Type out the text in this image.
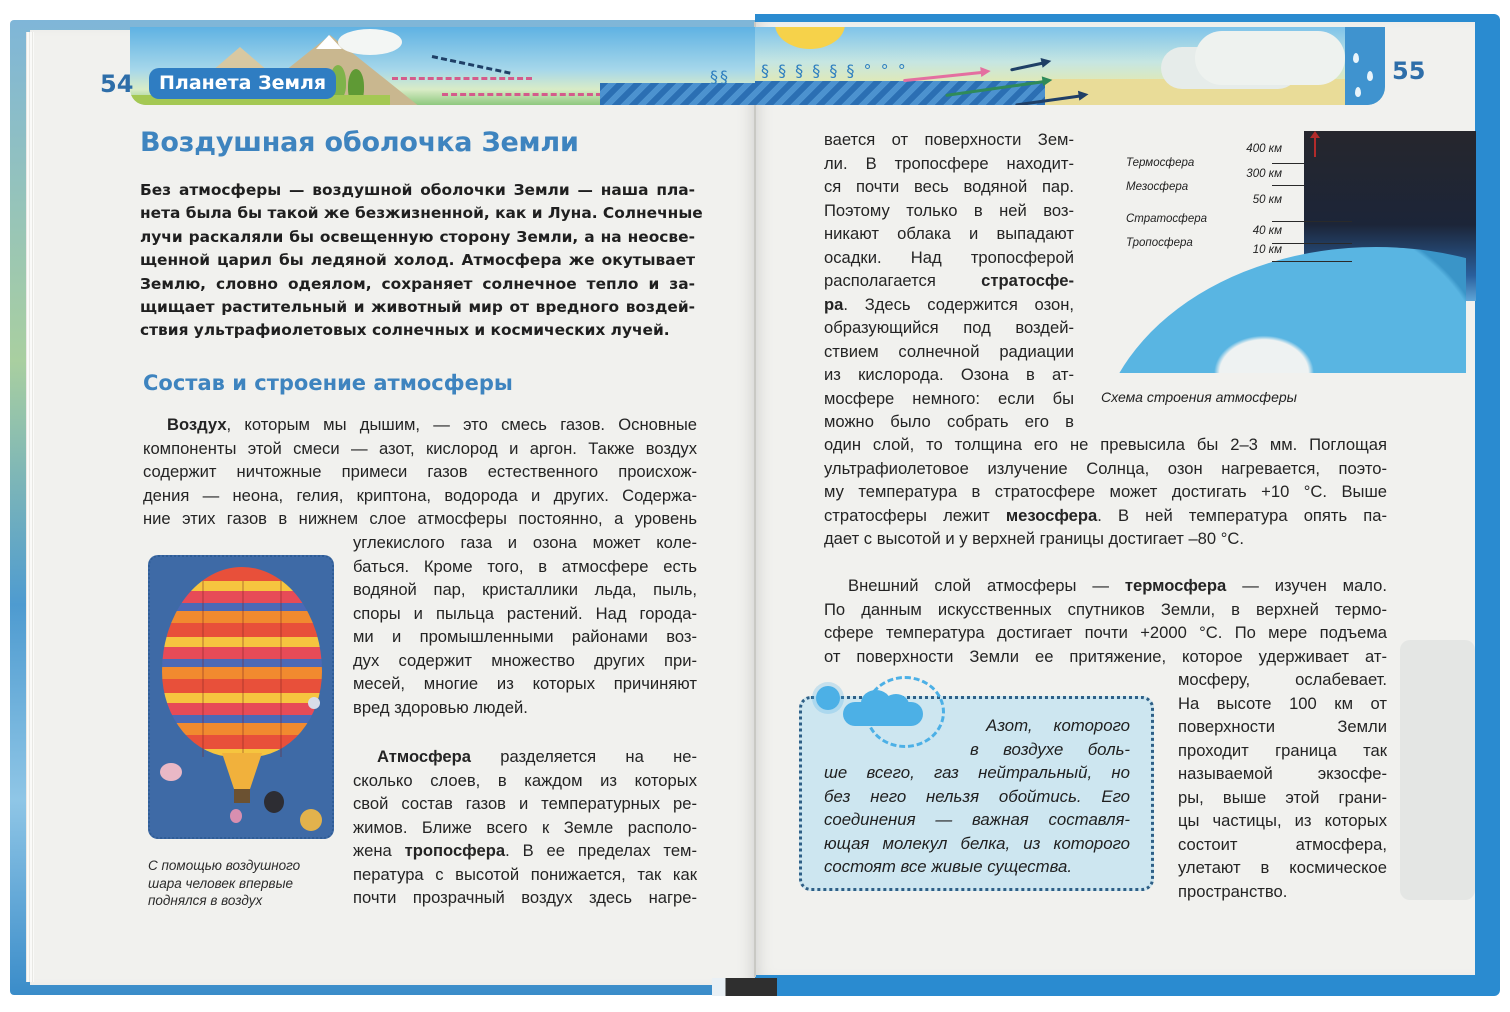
§§ § § § § § § ° ° °
54	Планета Земля	55
Воздушная оболочка Земли
Без атмосферы — воздушной оболочки Земли — наша пла-
нета была бы такой же безжизненной, как и Луна. Солнечные
лучи раскаляли бы освещенную сторону Земли, а на неосве-
щенной царил бы ледяной холод. Атмосфера же окутывает
Землю, словно одеялом, сохраняет солнечное тепло и за-
щищает растительный и животный мир от вредного воздей-
ствия ультрафиолетовых солнечных и космических лучей.
Состав и строение атмосферы
Воздух, которым мы дышим, — это смесь газов. Основные
компоненты этой смеси — азот, кислород и аргон. Также воздух
содержит ничтожные примеси газов естественного происхож-
дения — неона, гелия, криптона, водорода и других. Содержа-
ние этих газов в нижнем слое атмосферы постоянно, а уровень
углекислого газа и озона может коле-
баться. Кроме того, в атмосфере есть
водяной пар, кристаллики льда, пыль,
споры и пыльца растений. Над города-
ми и промышленными районами воз-
дух содержит множество других при-
месей, многие из которых причиняют
вред здоровью людей.
Атмосфера разделяется на не-
сколько слоев, в каждом из которых
свой состав газов и температурных ре-
жимов. Ближе всего к Земле располо-
жена тропосфера. В ее пределах тем-
пература с высотой понижается, так как
почти прозрачный воздух здесь нагре-
С помощью воздушного
шара человек впервые
поднялся в воздух
вается от поверхности Зем-
ли. В тропосфере находит-
ся почти весь водяной пар.
Поэтому только в ней воз-
никают облака и выпадают
осадки. Над тропосферой
располагается стратосфе-
ра. Здесь содержится озон,
образующийся под воздей-
ствием солнечной радиации
из кислорода. Озона в ат-
мосфере немного: если бы
можно было собрать его в
400 км
Термосфера
300 км
Мезосфера
50 км
Стратосфера
40 км
Тропосфера
10 км
Схема строения атмосферы
один слой, то толщина его не превысила бы 2–3 мм. Поглощая
ультрафиолетовое излучение Солнца, озон нагревается, поэто-
му температура в стратосфере может достигать +10 °C. Выше
стратосферы лежит мезосфера. В ней температура опять па-
дает с высотой и у верхней границы достигает –80 °C.
Внешний слой атмосферы — термосфера — изучен мало.
По данным искусственных спутников Земли, в верхней термо-
сфере температура достигает почти +2000 °C. По мере подъема
от поверхности Земли ее притяжение, которое удерживает ат-
мосферу, ослабевает.
На высоте 100 км от
поверхности Земли
проходит граница так
называемой экзосфе-
ры, выше этой грани-
цы частицы, из которых
состоит атмосфера,
улетают в космическое
пространство.
Азот, которого
в воздухе боль-
ше всего, газ нейтральный, но
без него нельзя обойтись. Его
соединения — важная составля-
ющая молекул белка, из которого
состоят все живые существа.
